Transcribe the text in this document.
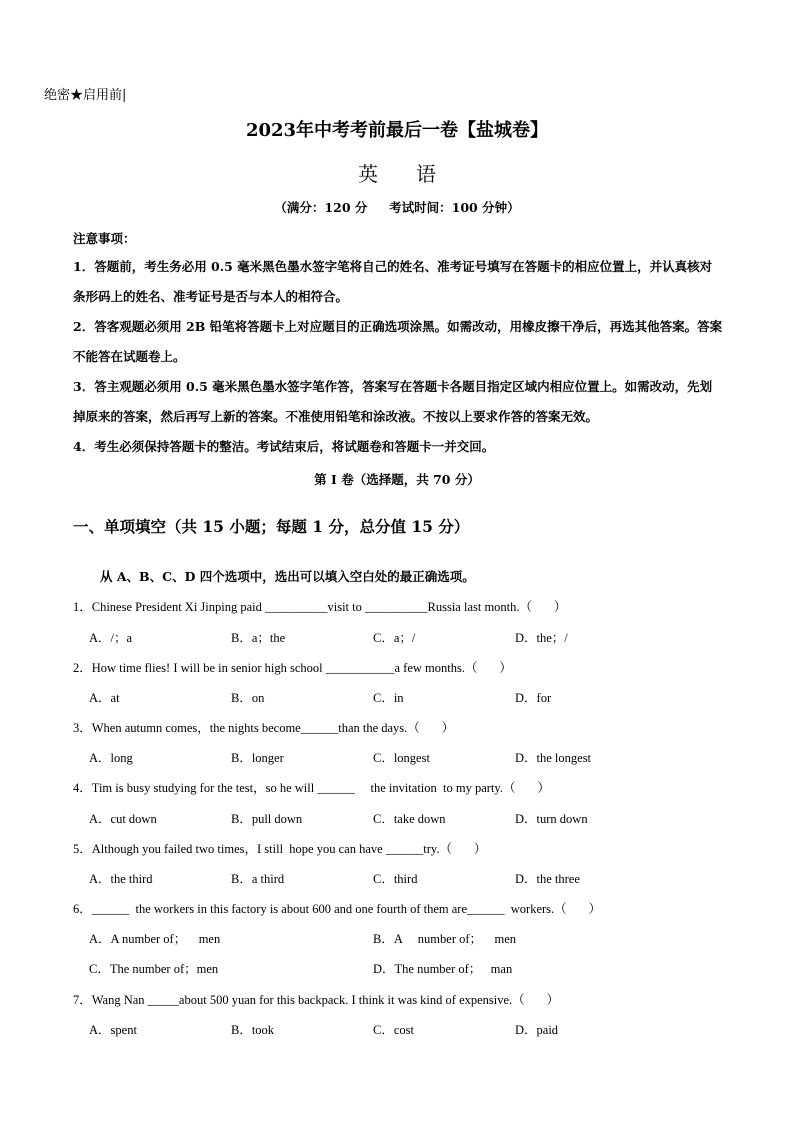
绝密★启用前|
2023年中考考前最后一卷【盐城卷】
英 语
（满分：120 分     考试时间：100 分钟）
注意事项：
1．答题前，考生务必用 0.5 毫米黑色墨水签字笔将自己的姓名、准考证号填写在答题卡的相应位置上，并认真核对条形码上的姓名、准考证号是否与本人的相符合。
2．答客观题必须用 2B 铅笔将答题卡上对应题目的正确选项涂黑。如需改动，用橡皮擦干净后，再选其他答案。答案不能答在试题卷上。
3．答主观题必须用 0.5 毫米黑色墨水签字笔作答，答案写在答题卡各题目指定区域内相应位置上。如需改动，先划掉原来的答案，然后再写上新的答案。不准使用铅笔和涂改液。不按以上要求作答的答案无效。
4．考生必须保持答题卡的整洁。考试结束后，将试题卷和答题卡一并交回。
第 I 卷（选择题，共 70 分）
一、单项填空（共 15 小题；每题 1 分，总分值 15 分）
从 A、B、C、D 四个选项中，选出可以填入空白处的最正确选项。
1．Chinese President Xi Jinping paid __________visit to __________Russia last month.（       ）
A．/；a	B．a；the	C．a；/	D．the；/
2．How time flies! I will be in senior high school ___________a few months.（       ）
A．at	B．on	C．in	D．for
3．When autumn comes，the nights become______than the days.（       ）
A．long	B．longer	C．longest	D．the longest
4．Tim is busy studying for the test，so he will ______     the invitation  to my party.（       ）
A．cut down	B．pull down	C．take down	D．turn down
5．Although you failed two times，I still  hope you can have ______try.（       ）
A．the third	B．a third	C．third	D．the three
6．______  the workers in this factory is about 600 and one fourth of them are______  workers.（       ）
A．A number of；    men	B．A     number of；    men
C．The number of；men	D．The number of；   man
7．Wang Nan _____about 500 yuan for this backpack. I think it was kind of expensive.（       ）
A．spent	B．took	C．cost	D．paid
